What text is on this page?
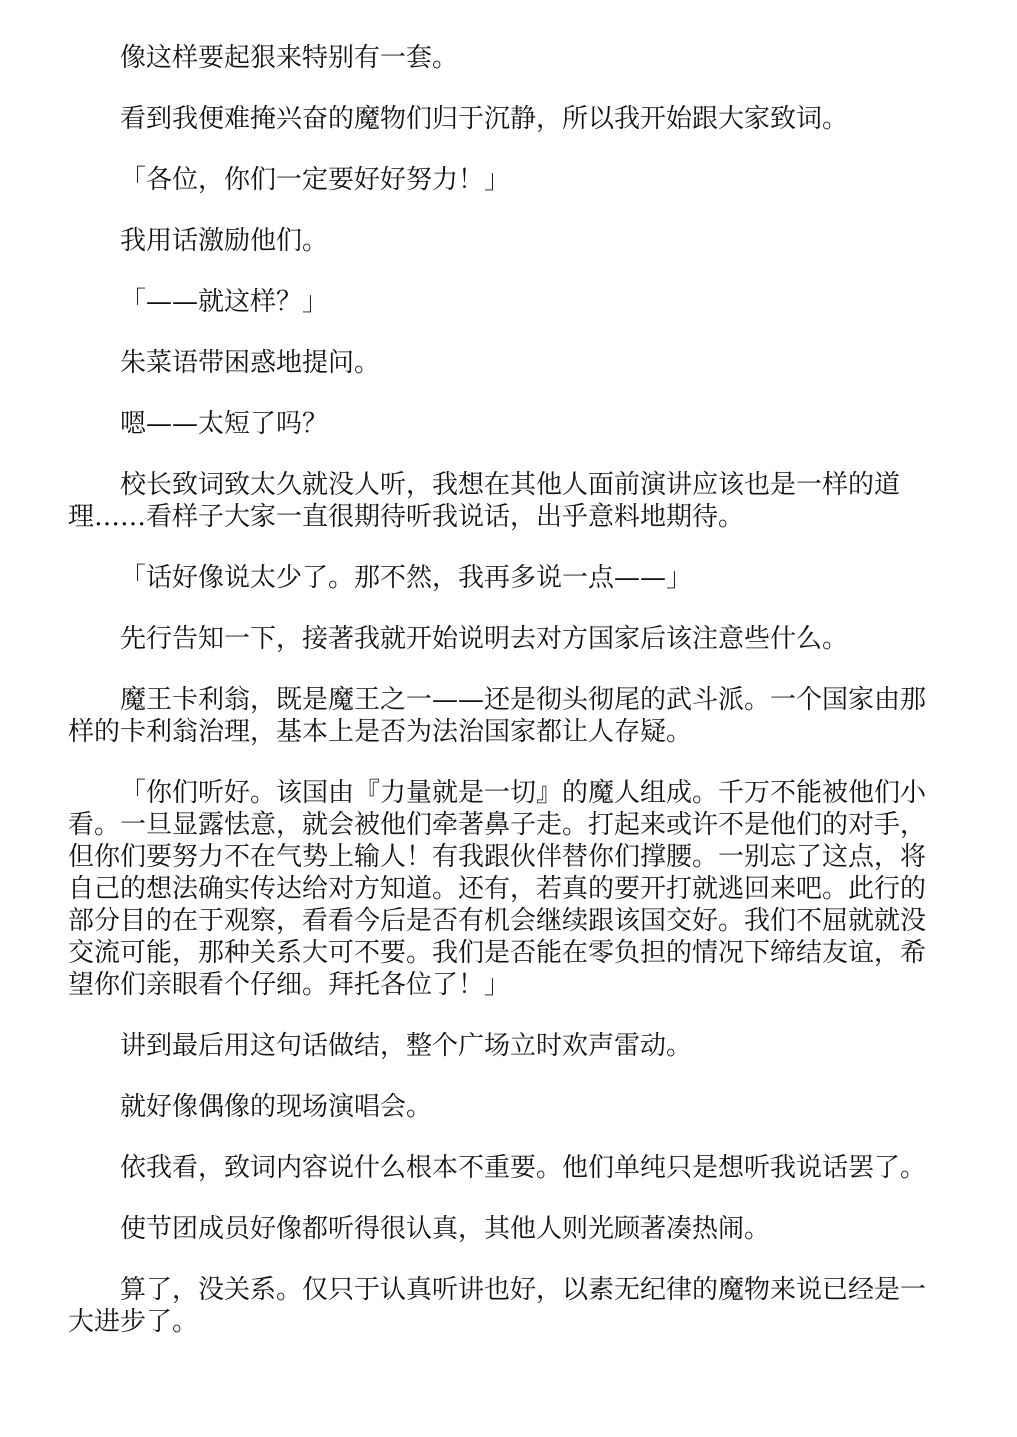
像这样要起狠来特别有一套。

看到我便难掩兴奋的魔物们归于沉静，所以我开始跟大家致词。

「各位，你们一定要好好努力！」

我用话激励他们。

「——就这样？」

朱菜语带困惑地提问。

嗯——太短了吗？

校长致词致太久就没人听，我想在其他人面前演讲应该也是一样的道理……看样子大家一直很期待听我说话，出乎意料地期待。

「话好像说太少了。那不然，我再多说一点——」

先行告知一下，接著我就开始说明去对方国家后该注意些什么。

魔王卡利翁，既是魔王之一——还是彻头彻尾的武斗派。一个国家由那样的卡利翁治理，基本上是否为法治国家都让人存疑。

「你们听好。该国由『力量就是一切』的魔人组成。千万不能被他们小看。一旦显露怯意，就会被他们牵著鼻子走。打起来或许不是他们的对手，但你们要努力不在气势上输人！有我跟伙伴替你们撑腰。一别忘了这点，将自己的想法确实传达给对方知道。还有，若真的要开打就逃回来吧。此行的部分目的在于观察，看看今后是否有机会继续跟该国交好。我们不屈就就没交流可能，那种关系大可不要。我们是否能在零负担的情况下缔结友谊，希望你们亲眼看个仔细。拜托各位了！」

讲到最后用这句话做结，整个广场立时欢声雷动。

就好像偶像的现场演唱会。

依我看，致词内容说什么根本不重要。他们单纯只是想听我说话罢了。

使节团成员好像都听得很认真，其他人则光顾著凑热闹。

算了，没关系。仅只于认真听讲也好，以素无纪律的魔物来说已经是一大进步了。
